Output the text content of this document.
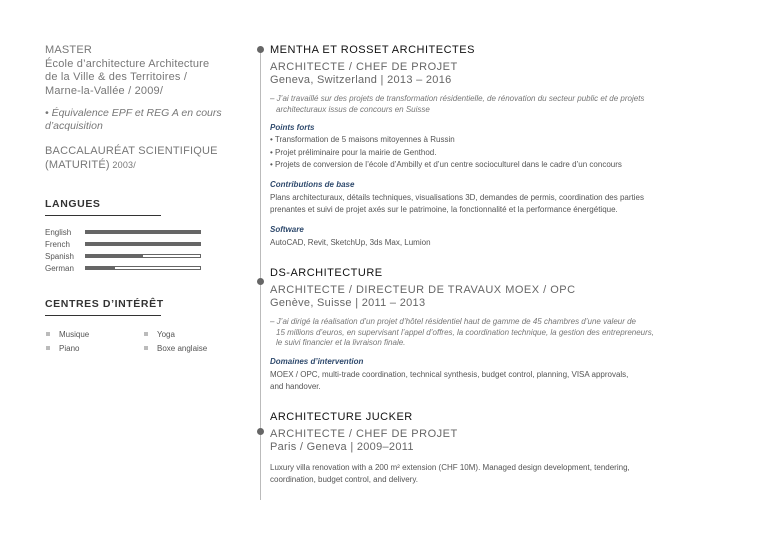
MASTER
École d’architecture Architecture
de la Ville & des Territoires /
Marne-la-Vallée / 2009/
• Équivalence EPF et REG A en cours
d’acquisition
BACCALAURÉAT SCIENTIFIQUE
(MATURITÉ) 2003/
LANGUES
English
French
Spanish
German
CENTRES D’INTÉRÊT
Musique	Yoga
Piano	Boxe anglaise
MENTHA ET ROSSET ARCHITECTES
ARCHITECTE / CHEF DE PROJET
Geneva, Switzerland | 2013 – 2016
– J’ai travaillé sur des projets de transformation résidentielle, de rénovation du secteur public et de projets
architecturaux issus de concours en Suisse
Points forts
• Transformation de 5 maisons mitoyennes à Russin
• Projet préliminaire pour la mairie de Genthod.
• Projets de conversion de l’école d’Ambilly et d’un centre socioculturel dans le cadre d’un concours
Contributions de base
Plans architecturaux, détails techniques, visualisations 3D, demandes de permis, coordination des parties
prenantes et suivi de projet axés sur le patrimoine, la fonctionnalité et la performance énergétique.
Software
AutoCAD, Revit, SketchUp, 3ds Max, Lumion
DS-ARCHITECTURE
ARCHITECTE / DIRECTEUR DE TRAVAUX MOEX / OPC
Genève, Suisse | 2011 – 2013
– J’ai dirigé la réalisation d’un projet d’hôtel résidentiel haut de gamme de 45 chambres d’une valeur de
15 millions d’euros, en supervisant l’appel d’offres, la coordination technique, la gestion des entrepreneurs,
le suivi financier et la livraison finale.
Domaines d’intervention
MOEX / OPC, multi-trade coordination, technical synthesis, budget control, planning, VISA approvals,
and handover.
ARCHITECTURE JUCKER
ARCHITECTE / CHEF DE PROJET
Paris / Geneva | 2009–2011
Luxury villa renovation with a 200 m² extension (CHF 10M). Managed design development, tendering,
coordination, budget control, and delivery.
